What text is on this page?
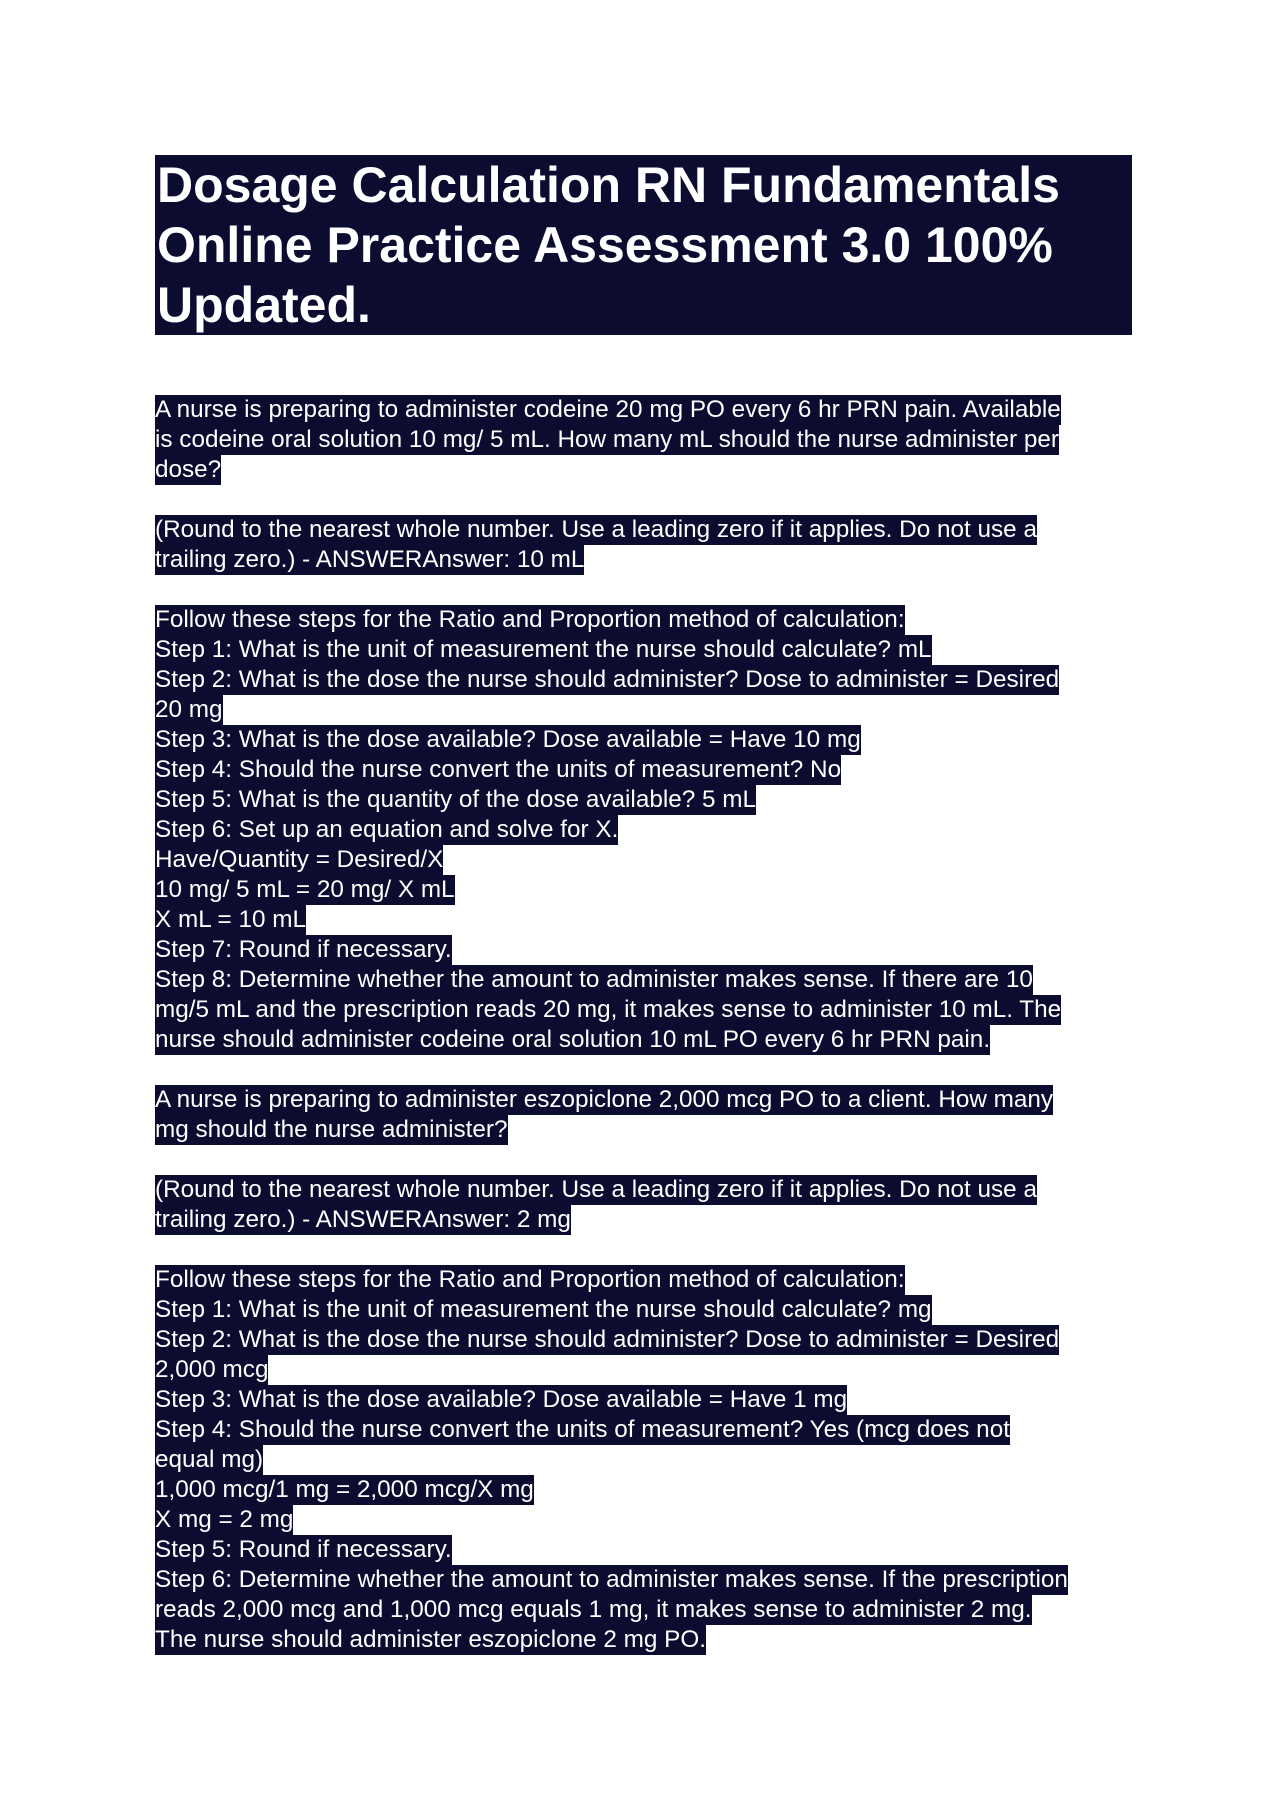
Dosage Calculation RN Fundamentals
Online Practice Assessment 3.0 100%
Updated.
A nurse is preparing to administer codeine 20 mg PO every 6 hr PRN pain. Available
is codeine oral solution 10 mg/ 5 mL. How many mL should the nurse administer per
dose?
(Round to the nearest whole number. Use a leading zero if it applies. Do not use a
trailing zero.) - ANSWERAnswer: 10 mL
Follow these steps for the Ratio and Proportion method of calculation:
Step 1: What is the unit of measurement the nurse should calculate? mL
Step 2: What is the dose the nurse should administer? Dose to administer = Desired
20 mg
Step 3: What is the dose available? Dose available = Have 10 mg
Step 4: Should the nurse convert the units of measurement? No
Step 5: What is the quantity of the dose available? 5 mL
Step 6: Set up an equation and solve for X.
Have/Quantity = Desired/X
10 mg/ 5 mL = 20 mg/ X mL
X mL = 10 mL
Step 7: Round if necessary.
Step 8: Determine whether the amount to administer makes sense. If there are 10
mg/5 mL and the prescription reads 20 mg, it makes sense to administer 10 mL. The
nurse should administer codeine oral solution 10 mL PO every 6 hr PRN pain.
A nurse is preparing to administer eszopiclone 2,000 mcg PO to a client. How many
mg should the nurse administer?
(Round to the nearest whole number. Use a leading zero if it applies. Do not use a
trailing zero.) - ANSWERAnswer: 2 mg
Follow these steps for the Ratio and Proportion method of calculation:
Step 1: What is the unit of measurement the nurse should calculate? mg
Step 2: What is the dose the nurse should administer? Dose to administer = Desired
2,000 mcg
Step 3: What is the dose available? Dose available = Have 1 mg
Step 4: Should the nurse convert the units of measurement? Yes (mcg does not
equal mg)
1,000 mcg/1 mg = 2,000 mcg/X mg
X mg = 2 mg
Step 5: Round if necessary.
Step 6: Determine whether the amount to administer makes sense. If the prescription
reads 2,000 mcg and 1,000 mcg equals 1 mg, it makes sense to administer 2 mg.
The nurse should administer eszopiclone 2 mg PO.
